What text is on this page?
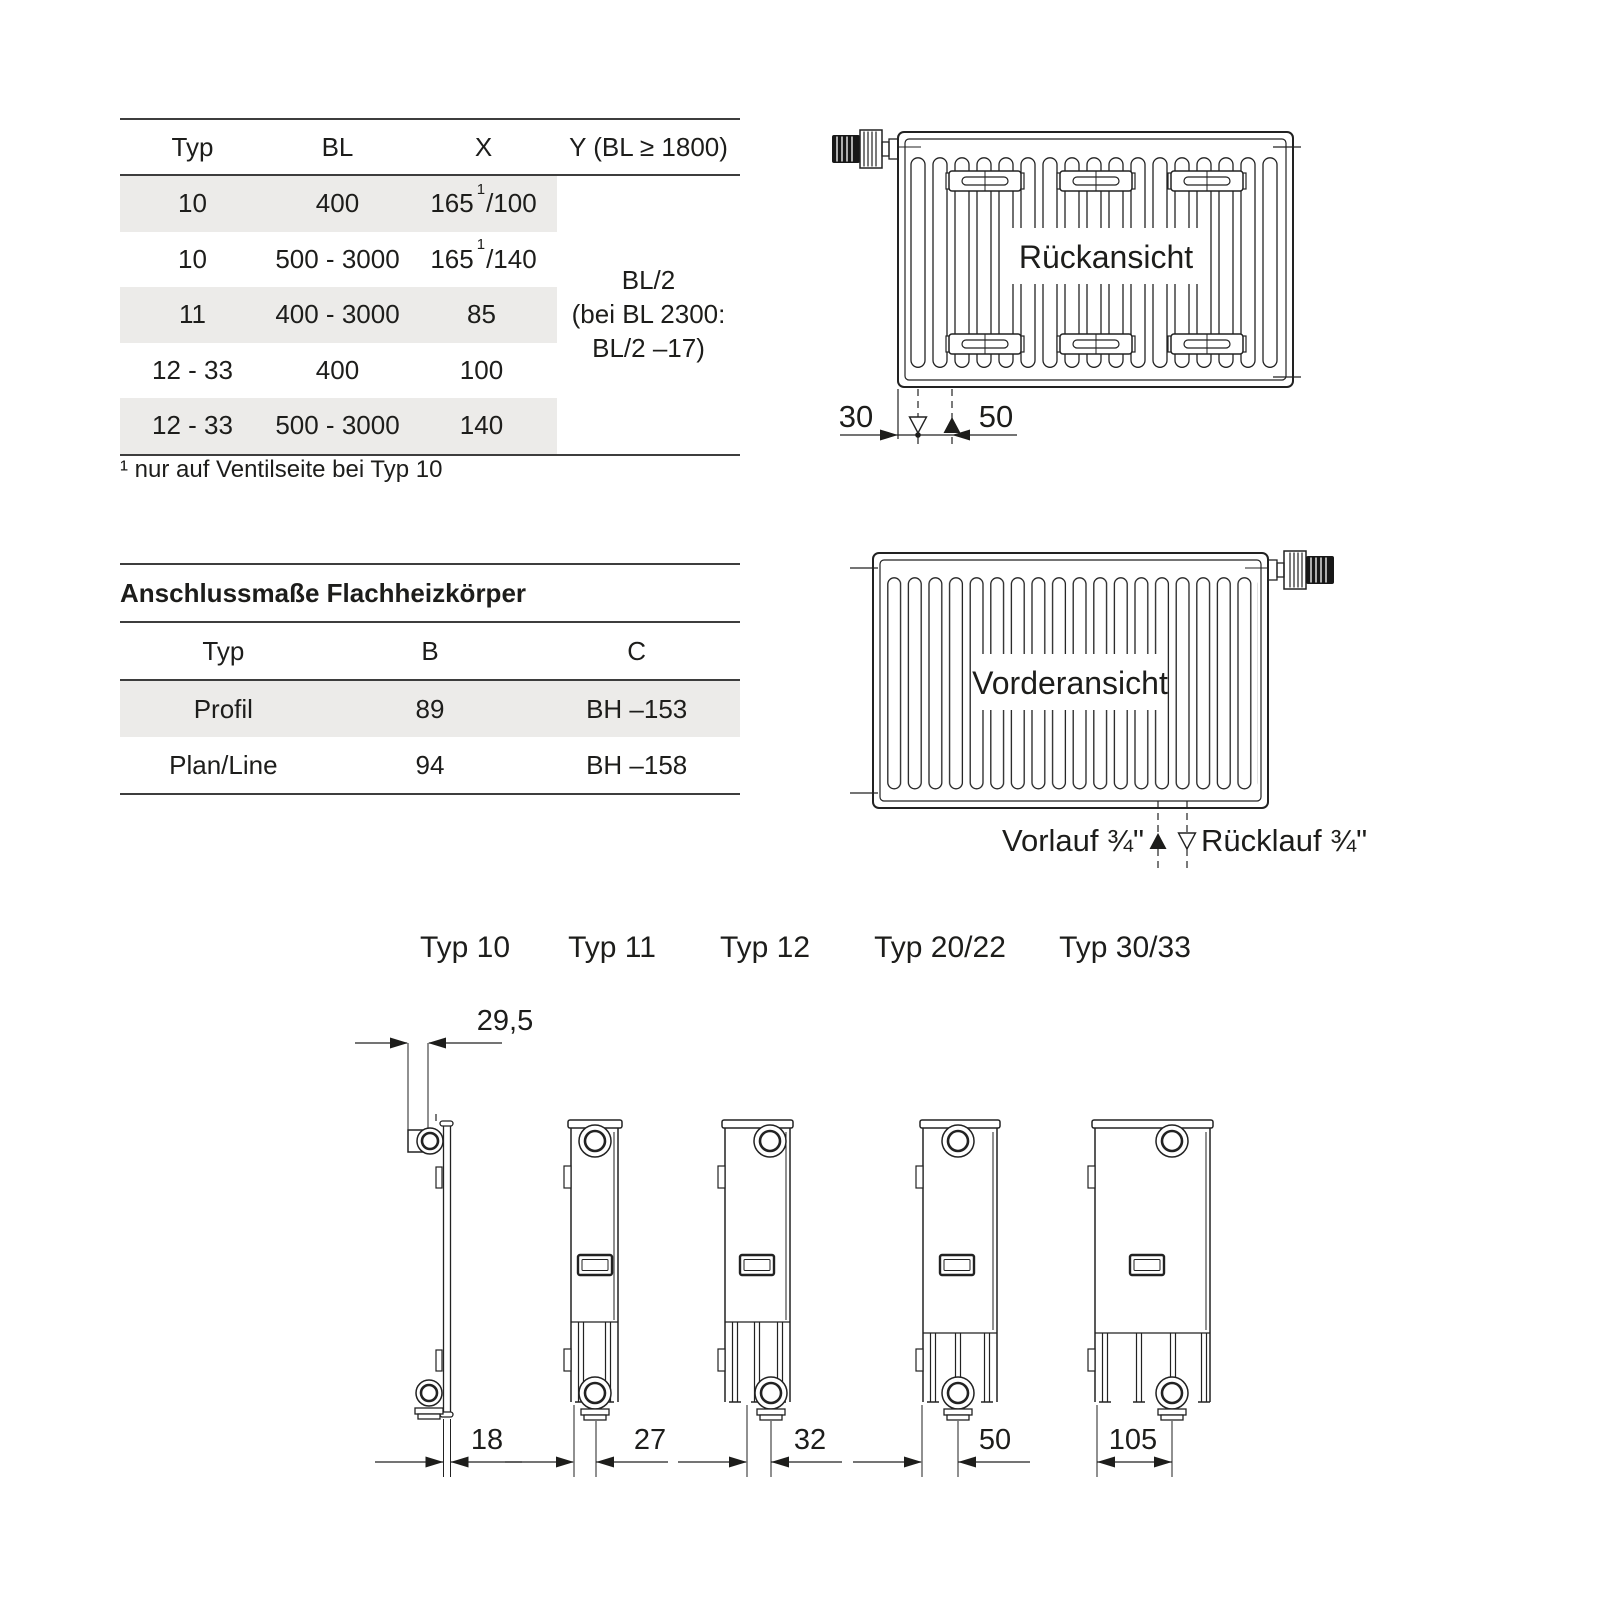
Typ	BL	X	Y (BL ≥ 1800)
10	400	165 $^1$/100
10	500 - 3000	165 $^1$/140
11	400 - 3000	85
12 - 33	400	100
12 - 33	500 - 3000	140
BL/2
(bei BL 2300:
BL/2 –17)
¹ nur auf Ventilseite bei Typ 10
Anschlussmaße Flachheizkörper
Typ	B	C
Profil	89	BH –153
Plan/Line	94	BH –158
Rückansicht
30	50
Vorderansicht
Vorlauf ¾" Rücklauf ¾"
Typ 10 Typ 11 Typ 12 Typ 20/22 Typ 30/33
29,5
18	27	32	50	105
